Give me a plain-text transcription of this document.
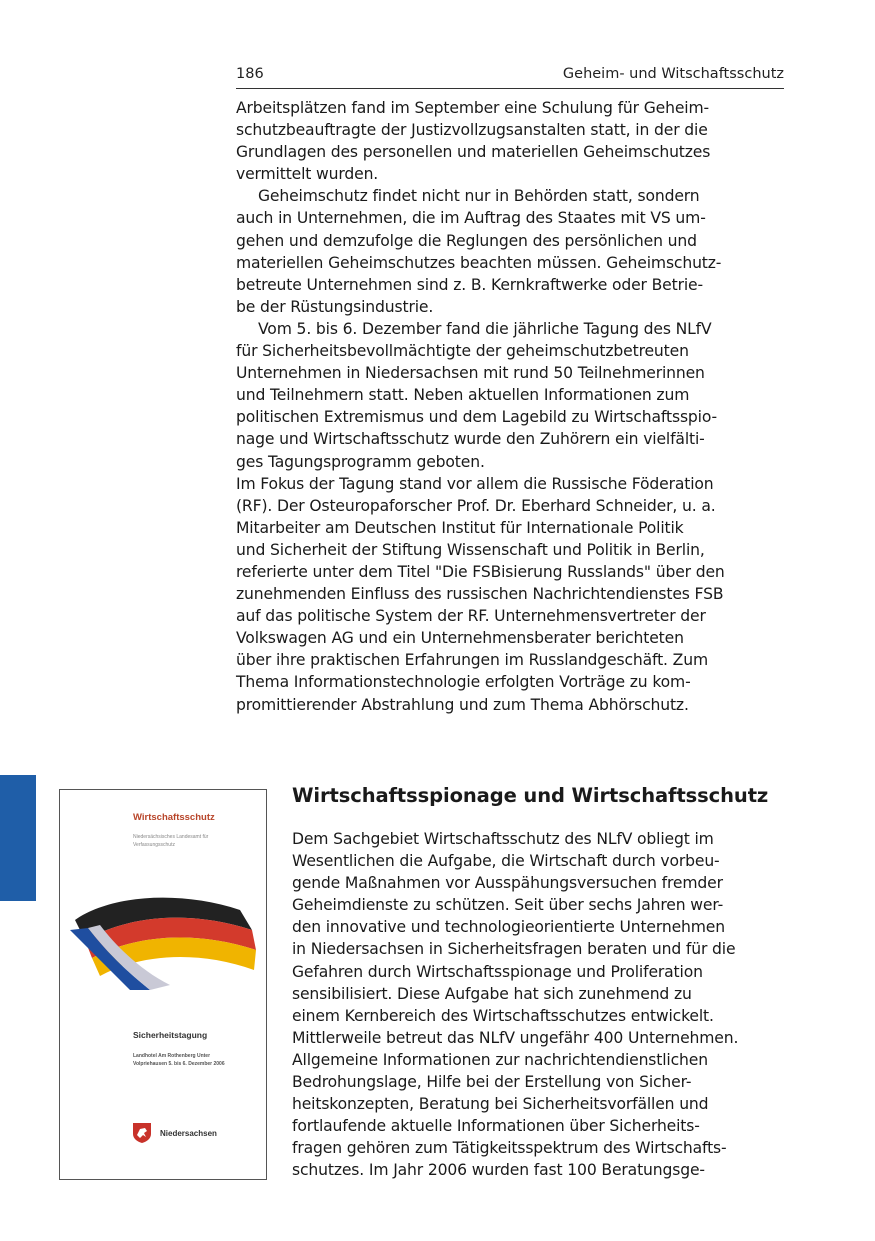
186	Geheim- und Witschaftsschutz
Arbeitsplätzen fand im September eine Schulung für Geheim-
schutzbeauftragte der Justizvollzugsanstalten statt, in der die
Grundlagen des personellen und materiellen Geheimschutzes
vermittelt wurden.
Geheimschutz findet nicht nur in Behörden statt, sondern
auch in Unternehmen, die im Auftrag des Staates mit VS um-
gehen und demzufolge die Reglungen des persönlichen und
materiellen Geheimschutzes beachten müssen. Geheimschutz-
betreute Unternehmen sind z. B. Kernkraftwerke oder Betrie-
be der Rüstungsindustrie.
Vom 5. bis 6. Dezember fand die jährliche Tagung des NLfV
für Sicherheitsbevollmächtigte der geheimschutzbetreuten
Unternehmen in Niedersachsen mit rund 50 Teilnehmerinnen
und Teilnehmern statt. Neben aktuellen Informationen zum
politischen Extremismus und dem Lagebild zu Wirtschaftsspio-
nage und Wirtschaftsschutz wurde den Zuhörern ein vielfälti-
ges Tagungsprogramm geboten.
Im Fokus der Tagung stand vor allem die Russische Föderation
(RF). Der Osteuropaforscher Prof. Dr. Eberhard Schneider, u. a.
Mitarbeiter am Deutschen Institut für Internationale Politik
und Sicherheit der Stiftung Wissenschaft und Politik in Berlin,
referierte unter dem Titel "Die FSBisierung Russlands" über den
zunehmenden Einfluss des russischen Nachrichtendienstes FSB
auf das politische System der RF. Unternehmensvertreter der
Volkswagen AG und ein Unternehmensberater berichteten
über ihre praktischen Erfahrungen im Russlandgeschäft. Zum
Thema Informationstechnologie erfolgten Vorträge zu kom-
promittierender Abstrahlung und zum Thema Abhörschutz.
Wirtschaftsschutz
Niedersächsisches Landesamt für Verfassungsschutz
Sicherheitstagung
Landhotel Am Rothenberg Unter Volpriehausen 5. bis 6. Dezember 2006
Niedersachsen
Wirtschaftsspionage und Wirtschaftsschutz
Dem Sachgebiet Wirtschaftsschutz des NLfV obliegt im
Wesentlichen die Aufgabe, die Wirtschaft durch vorbeu-
gende Maßnahmen vor Ausspähungsversuchen fremder
Geheimdienste zu schützen. Seit über sechs Jahren wer-
den innovative und technologieorientierte Unternehmen
in Niedersachsen in Sicherheitsfragen beraten und für die
Gefahren durch Wirtschaftsspionage und Proliferation
sensibilisiert. Diese Aufgabe hat sich zunehmend zu
einem Kernbereich des Wirtschaftsschutzes entwickelt.
Mittlerweile betreut das NLfV ungefähr 400 Unternehmen.
Allgemeine Informationen zur nachrichtendienstlichen
Bedrohungslage, Hilfe bei der Erstellung von Sicher-
heitskonzepten, Beratung bei Sicherheitsvorfällen und
fortlaufende aktuelle Informationen über Sicherheits-
fragen gehören zum Tätigkeitsspektrum des Wirtschafts-
schutzes. Im Jahr 2006 wurden fast 100 Beratungsge-
